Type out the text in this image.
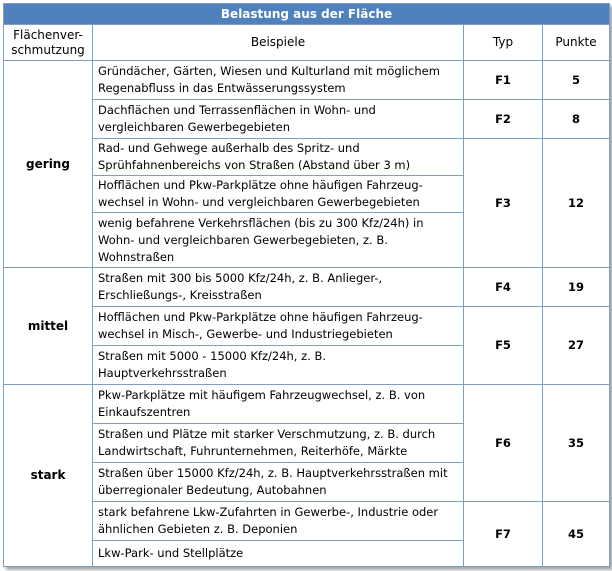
Belastung aus der Fläche			
Flächenver-
schmutzung	Beispiele	Typ	Punkte
gering	Gründächer, Gärten, Wiesen und Kulturland mit möglichem Regenabfluss in das Entwässerungssystem	F1	5
	Dachflächen und Terrassenflächen in Wohn- und vergleichbaren Gewerbegebieten	F2	8
	Rad- und Gehwege außerhalb des Spritz- und Sprühfahnenbereichs von Straßen (Abstand über 3 m)	F3	12
	Hofflächen und Pkw-Parkplätze ohne häufigen Fahrzeug-wechsel in Wohn- und vergleichbaren Gewerbegebieten		
	wenig befahrene Verkehrsflächen (bis zu 300 Kfz/24h) in Wohn- und vergleichbaren Gewerbegebieten, z. B. Wohnstraßen		
mittel	Straßen mit 300 bis 5000 Kfz/24h, z. B. Anlieger-, Erschließungs-, Kreisstraßen	F4	19
	Hofflächen und Pkw-Parkplätze ohne häufigen Fahrzeug-wechsel in Misch-, Gewerbe- und Industriegebieten	F5	27
	Straßen mit 5000 - 15000 Kfz/24h, z. B. Hauptverkehrsstraßen		
stark	Pkw-Parkplätze mit häufigem Fahrzeugwechsel, z. B. von Einkaufszentren	F6	35
	Straßen und Plätze mit starker Verschmutzung, z. B. durch Landwirtschaft, Fuhrunternehmen, Reiterhöfe, Märkte		
	Straßen über 15000 Kfz/24h, z. B. Hauptverkehrsstraßen mit überregionaler Bedeutung, Autobahnen		
	stark befahrene Lkw-Zufahrten in Gewerbe-, Industrie oder ähnlichen Gebieten z. B. Deponien	F7	45
	Lkw-Park- und Stellplätze		
